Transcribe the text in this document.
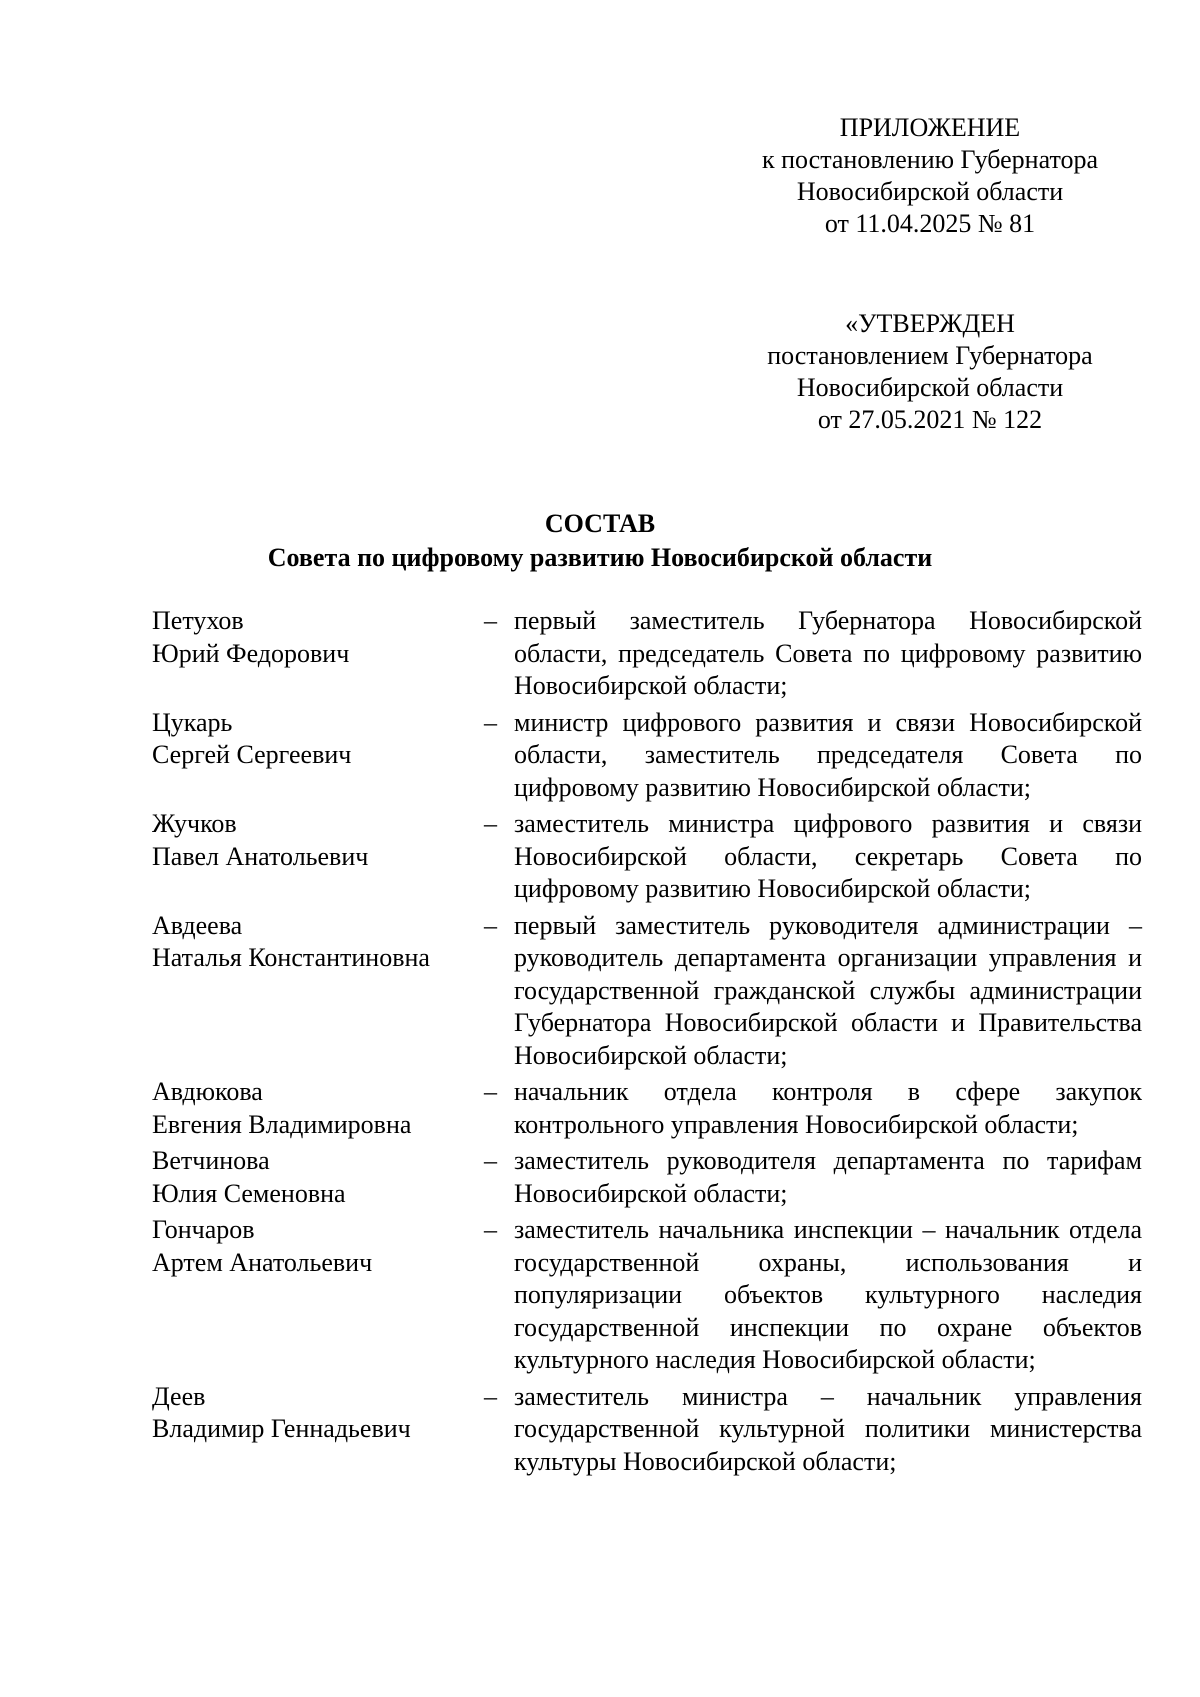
ПРИЛОЖЕНИЕ
к постановлению Губернатора
Новосибирской области
от 11.04.2025 № 81
«УТВЕРЖДЕН
постановлением Губернатора
Новосибирской области
от 27.05.2021 № 122
СОСТАВ
Совета по цифровому развитию Новосибирской области
Петухов
Юрий Федорович
– первый заместитель Губернатора Новосибирской области, председатель Совета по цифровому развитию Новосибирской области;
Цукарь
Сергей Сергеевич
– министр цифрового развития и связи Новосибирской области, заместитель председателя Совета по цифровому развитию Новосибирской области;
Жучков
Павел Анатольевич
– заместитель министра цифрового развития и связи Новосибирской области, секретарь Совета по цифровому развитию Новосибирской области;
Авдеева
Наталья Константиновна
– первый заместитель руководителя администрации – руководитель департамента организации управления и государственной гражданской службы администрации Губернатора Новосибирской области и Правительства Новосибирской области;
Авдюкова
Евгения Владимировна
– начальник отдела контроля в сфере закупок контрольного управления Новосибирской области;
Ветчинова
Юлия Семеновна
– заместитель руководителя департамента по тарифам Новосибирской области;
Гончаров
Артем Анатольевич
– заместитель начальника инспекции – начальник отдела государственной охраны, использования и популяризации объектов культурного наследия государственной инспекции по охране объектов культурного наследия Новосибирской области;
Деев
Владимир Геннадьевич
– заместитель министра – начальник управления государственной культурной политики министерства культуры Новосибирской области;
